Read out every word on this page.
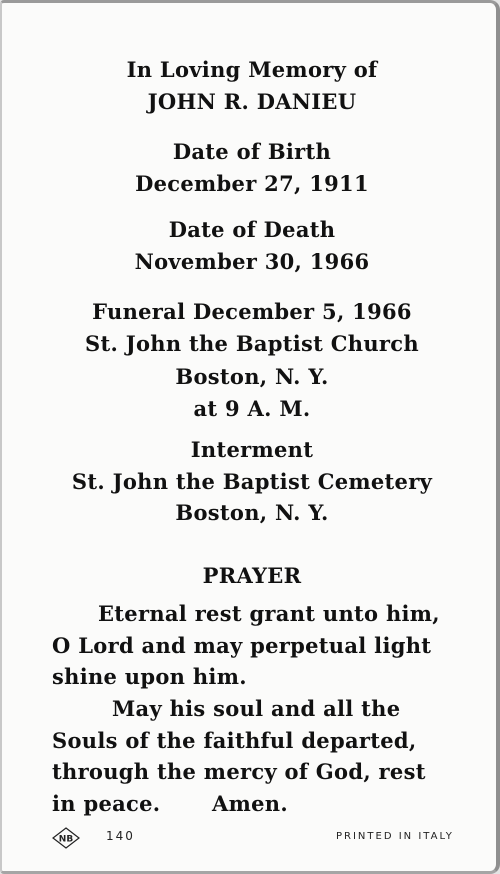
In Loving Memory of
JOHN R. DANIEU
Date of Birth
December 27, 1911
Date of Death
November 30, 1966
Funeral December 5, 1966
St. John the Baptist Church
Boston, N. Y.
at 9 A. M.
Interment
St. John the Baptist Cemetery
Boston, N. Y.
PRAYER
Eternal rest grant unto him,
O Lord and may perpetual light
shine upon him.
May his soul and all the
Souls of the faithful departed,
through the mercy of God, rest
in peace. Amen.
NB	140	PRINTED IN ITALY
